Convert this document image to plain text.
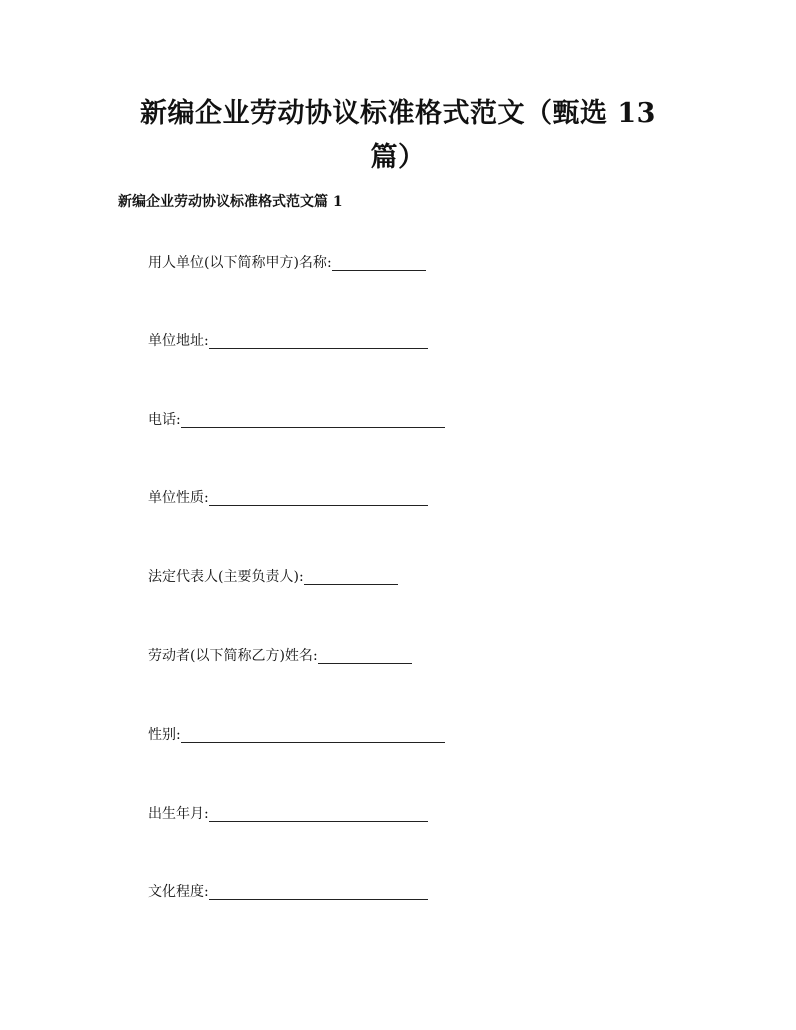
新编企业劳动协议标准格式范文（甄选 13
篇）
新编企业劳动协议标准格式范文篇 1
用人单位(以下简称甲方)名称 :
单位地址 :
电话 :
单位性质 :
法定代表人(主要负责人) :
劳动者(以下简称乙方)姓名 :
性别 :
出生年月 :
文化程度 :
